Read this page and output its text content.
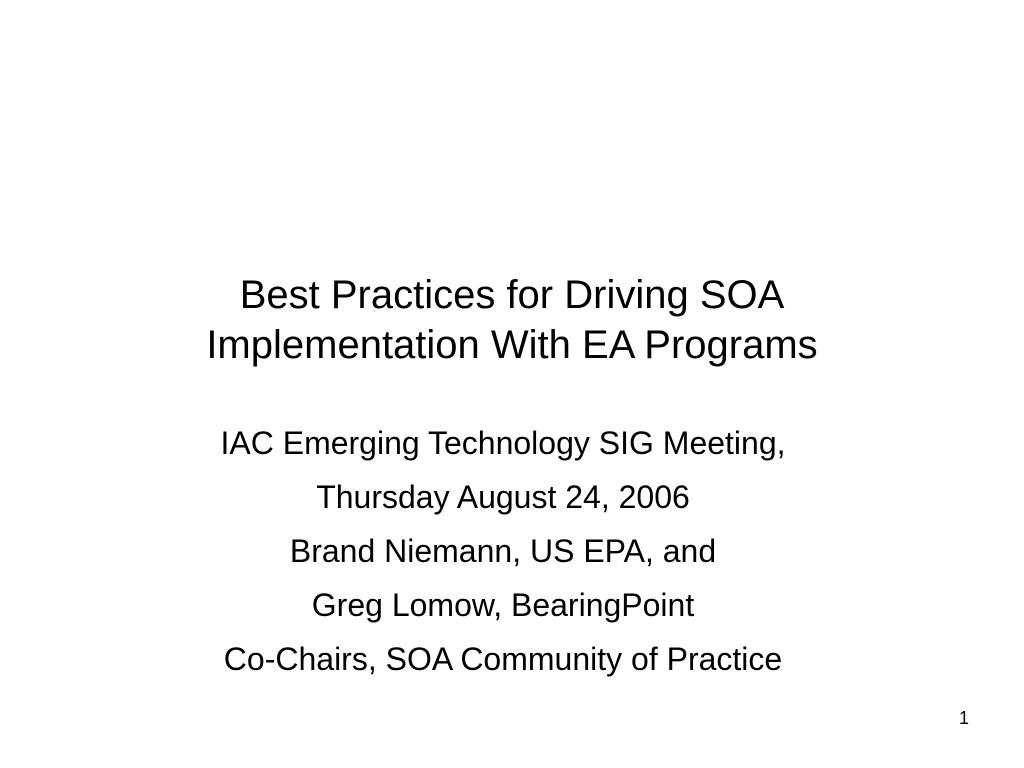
Best Practices for Driving SOA
Implementation With EA Programs
IAC Emerging Technology SIG Meeting,
Thursday August 24, 2006
Brand Niemann, US EPA, and
Greg Lomow, BearingPoint
Co-Chairs, SOA Community of Practice
1
